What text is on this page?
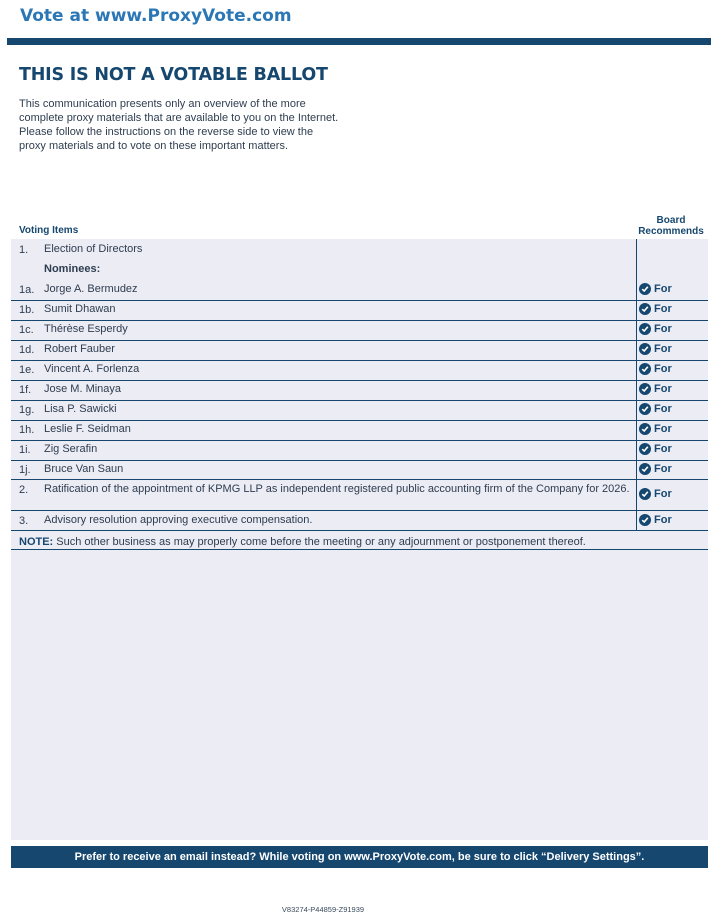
Vote at www.ProxyVote.com
THIS IS NOT A VOTABLE BALLOT
This communication presents only an overview of the more complete proxy materials that are available to you on the Internet. Please follow the instructions on the reverse side to view the proxy materials and to vote on these important matters.
Voting Items
Board
Recommends
1. Election of Directors
Nominees:
1a. Jorge A. Bermudez	For
1b. Sumit Dhawan	For
1c. Thérèse Esperdy	For
1d. Robert Fauber	For
1e. Vincent A. Forlenza	For
1f. Jose M. Minaya	For
1g. Lisa P. Sawicki	For
1h. Leslie F. Seidman	For
1i. Zig Serafin	For
1j. Bruce Van Saun	For
2. Ratification of the appointment of KPMG LLP as independent registered public accounting firm of the Company for 2026.	For
3. Advisory resolution approving executive compensation.	For
NOTE: Such other business as may properly come before the meeting or any adjournment or postponement thereof.
Prefer to receive an email instead? While voting on www.ProxyVote.com, be sure to click “Delivery Settings”.
V83274-P44859-Z91939
